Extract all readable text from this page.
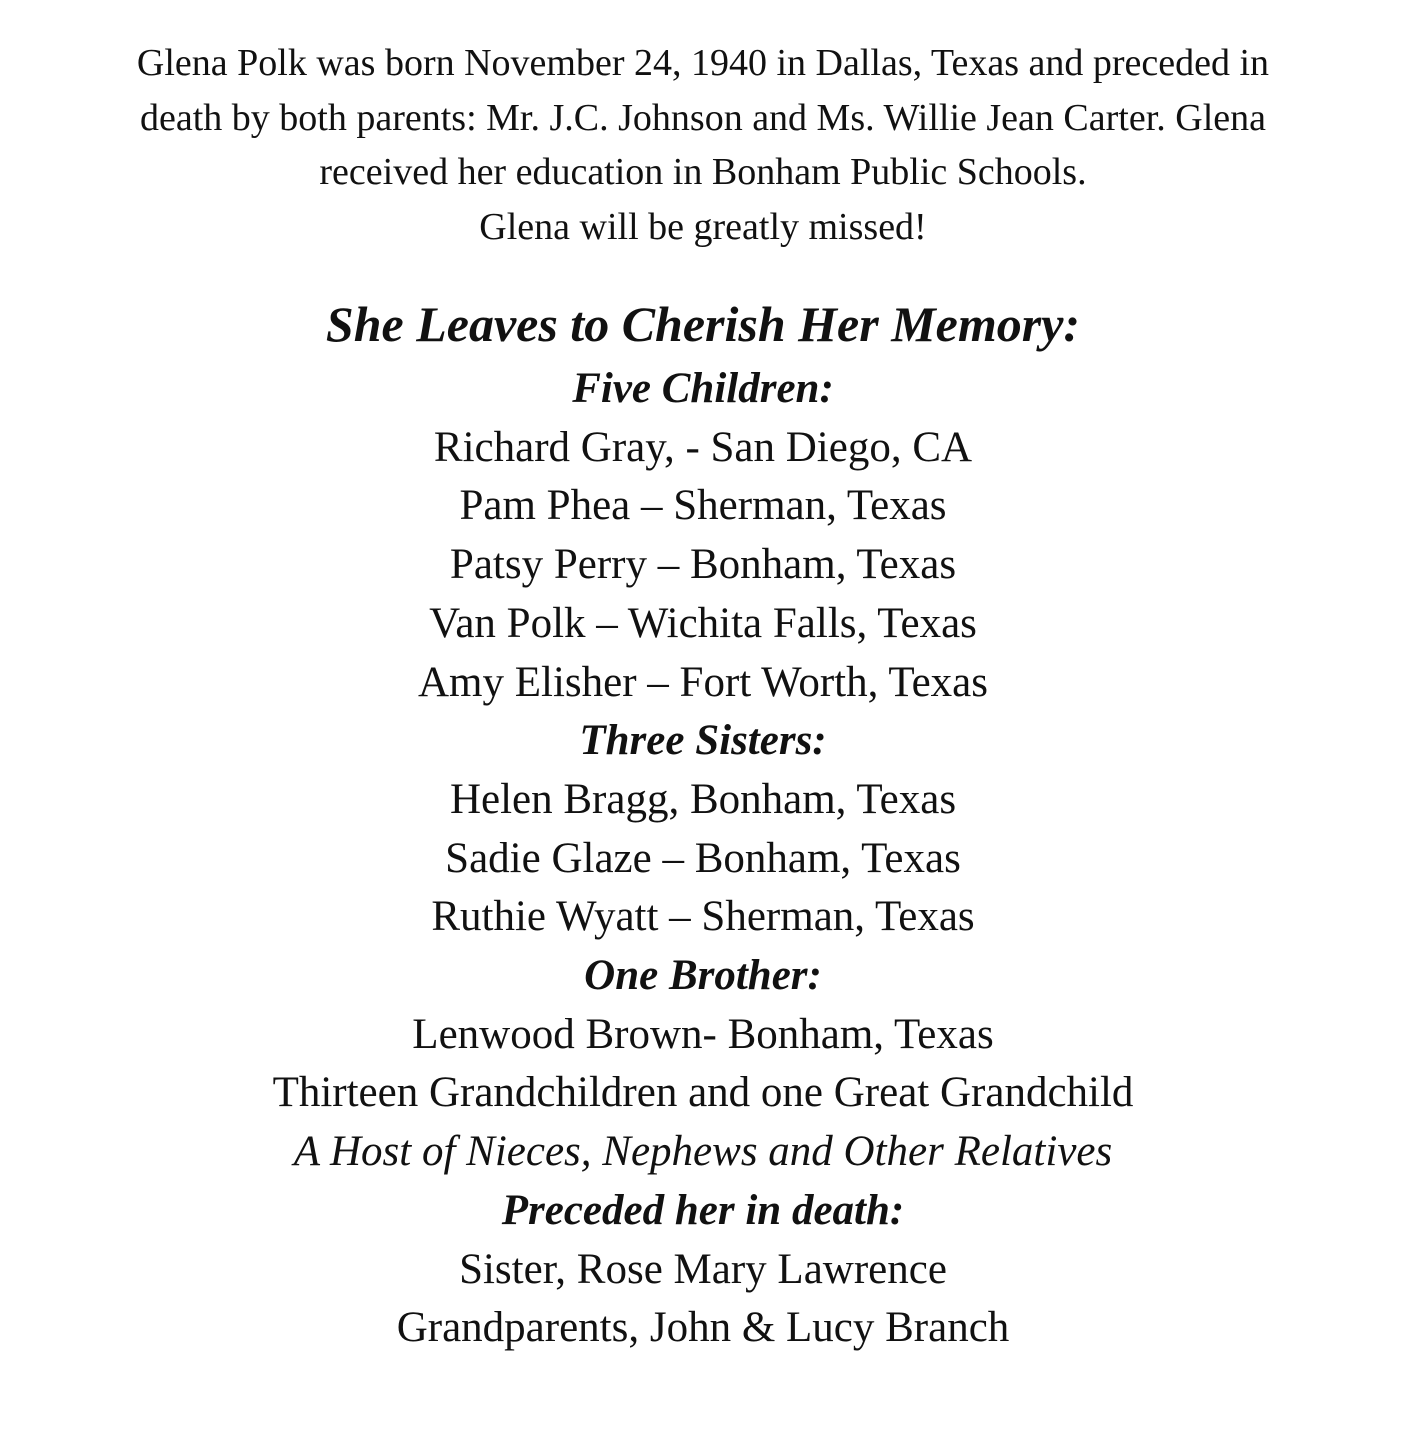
Glena Polk was born November 24, 1940 in Dallas, Texas and preceded in
death by both parents: Mr. J.C. Johnson and Ms. Willie Jean Carter. Glena
received her education in Bonham Public Schools.
Glena will be greatly missed!
She Leaves to Cherish Her Memory:
Five Children:
Richard Gray, - San Diego, CA
Pam Phea – Sherman, Texas
Patsy Perry – Bonham, Texas
Van Polk – Wichita Falls, Texas
Amy Elisher – Fort Worth, Texas
Three Sisters:
Helen Bragg, Bonham, Texas
Sadie Glaze – Bonham, Texas
Ruthie Wyatt – Sherman, Texas
One Brother:
Lenwood Brown- Bonham, Texas
Thirteen Grandchildren and one Great Grandchild
A Host of Nieces, Nephews and Other Relatives
Preceded her in death:
Sister, Rose Mary Lawrence
Grandparents, John & Lucy Branch
